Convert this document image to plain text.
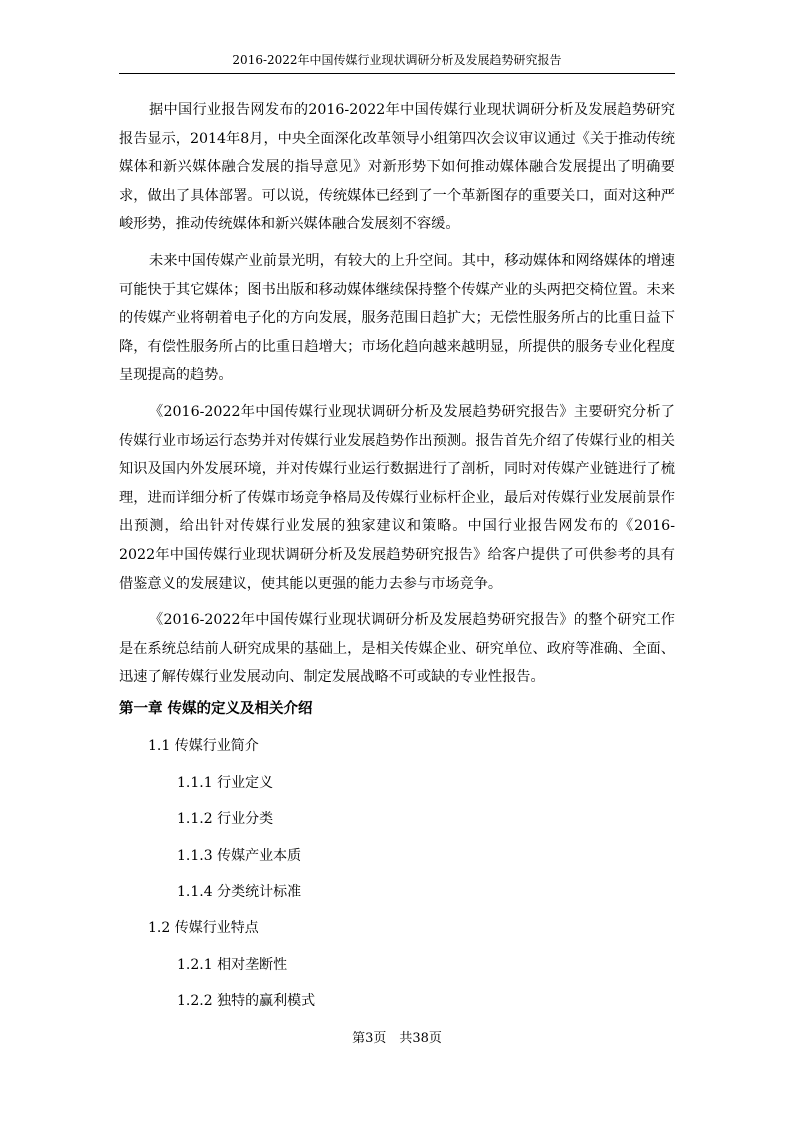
2016-2022年中国传媒行业现状调研分析及发展趋势研究报告

据中国行业报告网发布的2016-2022年中国传媒行业现状调研分析及发展趋势研究报告显示，2014年8月，中央全面深化改革领导小组第四次会议审议通过《关于推动传统媒体和新兴媒体融合发展的指导意见》对新形势下如何推动媒体融合发展提出了明确要求，做出了具体部署。可以说，传统媒体已经到了一个革新图存的重要关口，面对这种严峻形势，推动传统媒体和新兴媒体融合发展刻不容缓。

未来中国传媒产业前景光明，有较大的上升空间。其中，移动媒体和网络媒体的增速可能快于其它媒体；图书出版和移动媒体继续保持整个传媒产业的头两把交椅位置。未来的传媒产业将朝着电子化的方向发展，服务范围日趋扩大；无偿性服务所占的比重日益下降，有偿性服务所占的比重日趋增大；市场化趋向越来越明显，所提供的服务专业化程度呈现提高的趋势。

《2016-2022年中国传媒行业现状调研分析及发展趋势研究报告》主要研究分析了传媒行业市场运行态势并对传媒行业发展趋势作出预测。报告首先介绍了传媒行业的相关知识及国内外发展环境，并对传媒行业运行数据进行了剖析，同时对传媒产业链进行了梳理，进而详细分析了传媒市场竞争格局及传媒行业标杆企业，最后对传媒行业发展前景作出预测，给出针对传媒行业发展的独家建议和策略。中国行业报告网发布的《2016-2022年中国传媒行业现状调研分析及发展趋势研究报告》给客户提供了可供参考的具有借鉴意义的发展建议，使其能以更强的能力去参与市场竞争。

《2016-2022年中国传媒行业现状调研分析及发展趋势研究报告》的整个研究工作是在系统总结前人研究成果的基础上，是相关传媒企业、研究单位、政府等准确、全面、迅速了解传媒行业发展动向、制定发展战略不可或缺的专业性报告。

第一章 传媒的定义及相关介绍
1.1 传媒行业简介
1.1.1 行业定义
1.1.2 行业分类
1.1.3 传媒产业本质
1.1.4 分类统计标准
1.2 传媒行业特点
1.2.1 相对垄断性
1.2.2 独特的赢利模式
第3页　共38页
